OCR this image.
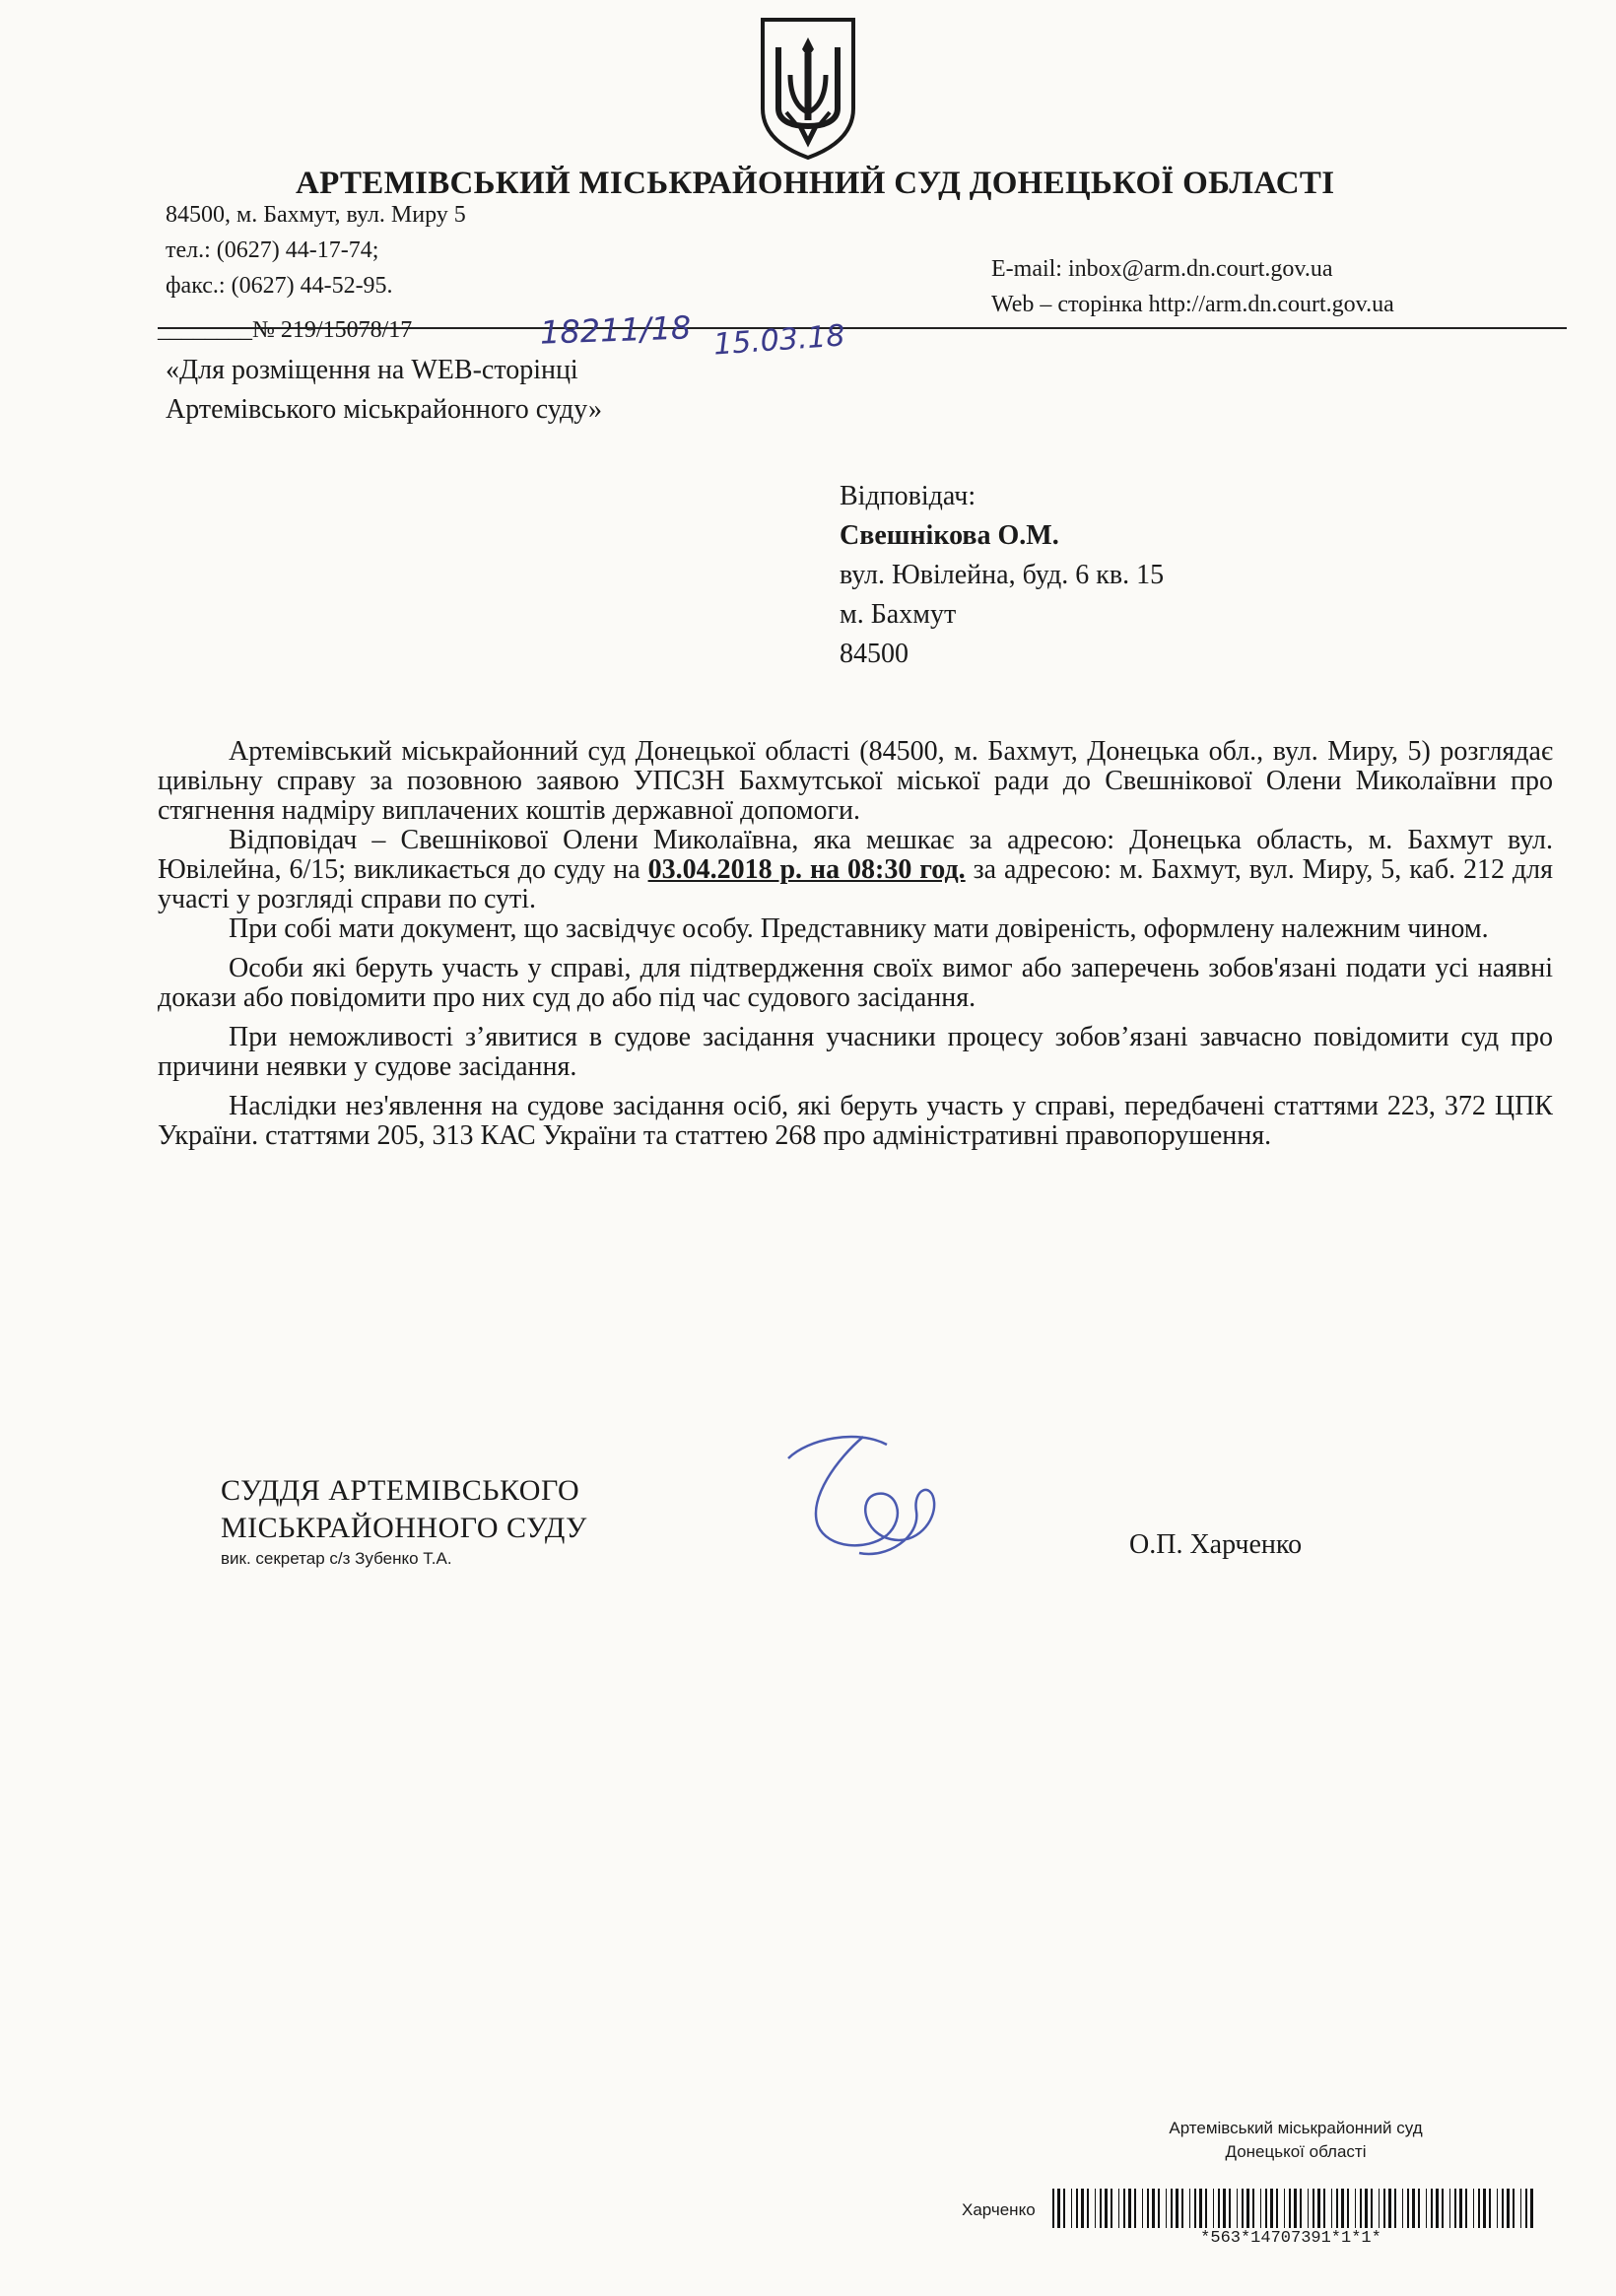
АРТЕМІВСЬКИЙ МІСЬКРАЙОННИЙ СУД ДОНЕЦЬКОЇ ОБЛАСТІ
84500, м. Бахмут, вул. Миру 5
тел.: (0627) 44-17-74;
факс.: (0627) 44-52-95.
E-mail: inbox@arm.dn.court.gov.ua
Web – сторінка http://arm.dn.court.gov.ua
________№ 219/15078/17	18211/18 15.03.18
«Для розміщення на WEB-сторінці
Артемівського міськрайонного суду»
Відповідач:
Свешнікова О.М.
вул. Ювілейна, буд. 6 кв. 15
м. Бахмут
84500

Артемівський міськрайонний суд Донецької області (84500, м. Бахмут, Донецька обл., вул. Миру, 5) розглядає цивільну справу за позовною заявою УПСЗН Бахмутської міської ради до Свешнікової Олени Миколаївни про стягнення надміру виплачених коштів державної допомоги.

Відповідач – Свешнікової Олени Миколаївна, яка мешкає за адресою: Донецька область, м. Бахмут вул. Ювілейна, 6/15; викликається до суду на 03.04.2018 р. на 08:30 год. за адресою: м. Бахмут, вул. Миру, 5, каб. 212 для участі у розгляді справи по суті.

При собі мати документ, що засвідчує особу. Представнику мати довіреність, оформлену належним чином.

Особи які беруть участь у справі, для підтвердження своїх вимог або заперечень зобов'язані подати усі наявні докази або повідомити про них суд до або під час судового засідання.

При неможливості з’явитися в судове засідання учасники процесу зобов’язані завчасно повідомити суд про причини неявки у судове засідання.

Наслідки нез'явлення на судове засідання осіб, які беруть участь у справі, передбачені статтями 223, 372 ЦПК України. статтями 205, 313 КАС України та статтею 268 про адміністративні правопорушення.

СУДДЯ АРТЕМІВСЬКОГО
МІСЬКРАЙОННОГО СУДУ
вик. секретар с/з Зубенко Т.А.	О.П. Харченко
Артемівський міськрайонний суд
Донецької області
Харченко
*563*14707391*1*1*
